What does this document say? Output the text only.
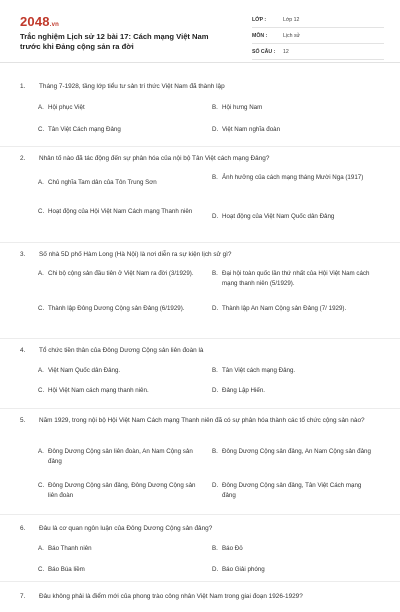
2048.vn
Trắc nghiệm Lịch sử 12 bài 17: Cách mạng Việt Nam trước khi Đảng cộng sản ra đời
LỚP :	Lớp 12
MÔN :	Lịch sử
SỐ CÂU :	12
1.	Tháng 7-1928, tầng lớp tiểu tư sản trí thức Việt Nam đã thành lập
A. Hội phục Việt	B. Hội hưng Nam
C. Tân Việt Cách mạng Đảng	D. Việt Nam nghĩa đoàn
2.	Nhân tố nào đã tác động đến sự phân hóa của nội bộ Tân Việt cách mạng Đảng?
A. Chủ nghĩa Tam dân của Tôn Trung Sơn
B. Ảnh hưởng của cách mạng tháng Mười Nga (1917)
C. Hoạt động của Hội Việt Nam Cách mạng Thanh niên
D. Hoạt động của Việt Nam Quốc dân Đảng
3.	Số nhà 5D phố Hàm Long (Hà Nội) là nơi diễn ra sự kiện lịch sử gì?
A. Chi bộ cộng sản đầu tiên ở Việt Nam ra đời (3/1929).	B. Đại hội toàn quốc lần thứ nhất của Hội Việt Nam cách mạng thanh niên (5/1929).
C. Thành lập Đông Dương Cộng sản Đảng (6/1929).	D. Thành lập An Nam Cộng sản Đảng (7/ 1929).
4.	Tổ chức tiền thân của Đông Dương Cộng sản liên đoàn là
A. Việt Nam Quốc dân Đảng.	B. Tân Việt cách mạng Đảng.
C. Hội Việt Nam cách mạng thanh niên.	D. Đảng Lập Hiến.
5.	Năm 1929, trong nội bộ Hội Việt Nam Cách mạng Thanh niên đã có sự phân hóa thành các tổ chức cộng sản nào?
A. Đông Dương Cộng sản liên đoàn, An Nam Cộng sản đảng
B. Đông Dương Cộng sản đảng, An Nam Cộng sản đảng
C. Đông Dương Cộng sản đảng, Đông Dương Cộng sản liên đoàn
D. Đông Dương Cộng sản đảng, Tân Việt Cách mạng đảng
6.	Đâu là cơ quan ngôn luận của Đông Dương Cộng sản đảng?
A. Báo Thanh niên	B. Báo Đỏ
C. Báo Búa liềm	D. Báo Giải phóng
7.	Đâu không phải là điểm mới của phong trào công nhân Việt Nam trong giai đoạn 1926-1929?
